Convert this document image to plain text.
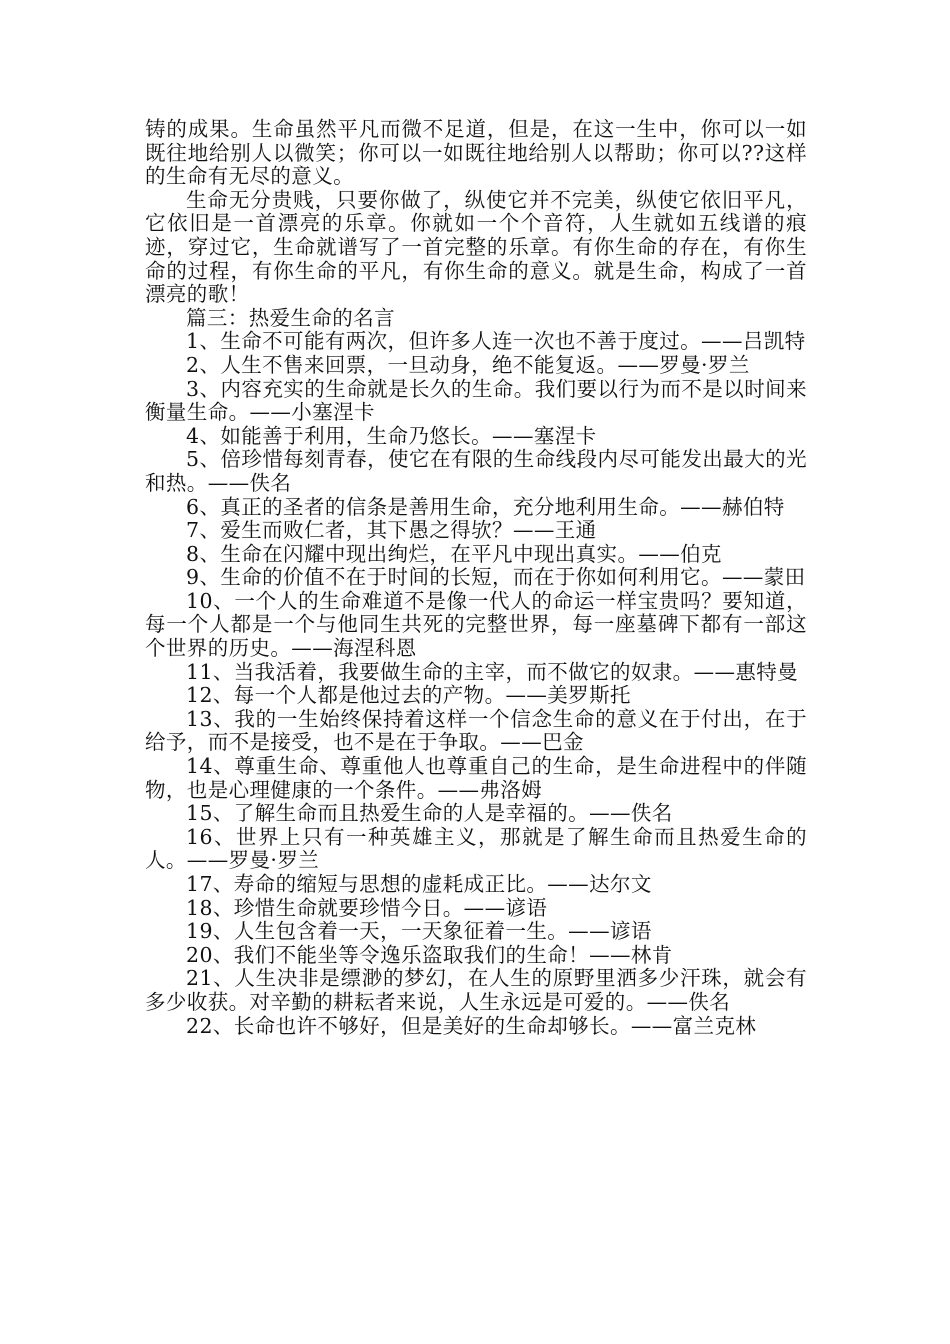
铸的成果。生命虽然平凡而微不足道，但是，在这一生中，你可以一如既往地给别人以微笑；你可以一如既往地给别人以帮助；你可以??这样的生命有无尽的意义。

生命无分贵贱，只要你做了，纵使它并不完美，纵使它依旧平凡，它依旧是一首漂亮的乐章。你就如一个个音符，人生就如五线谱的痕迹，穿过它，生命就谱写了一首完整的乐章。有你生命的存在，有你生命的过程，有你生命的平凡，有你生命的意义。就是生命，构成了一首漂亮的歌！

篇三：热爱生命的名言

1、生命不可能有两次，但许多人连一次也不善于度过。——吕凯特

2、人生不售来回票，一旦动身，绝不能复返。——罗曼·罗兰

3、内容充实的生命就是长久的生命。我们要以行为而不是以时间来衡量生命。——小塞涅卡

4、如能善于利用，生命乃悠长。——塞涅卡

5、倍珍惜每刻青春，使它在有限的生命线段内尽可能发出最大的光和热。——佚名

6、真正的圣者的信条是善用生命，充分地利用生命。——赫伯特

7、爱生而败仁者，其下愚之得欤？——王通

8、生命在闪耀中现出绚烂，在平凡中现出真实。——伯克

9、生命的价值不在于时间的长短，而在于你如何利用它。——蒙田

10、一个人的生命难道不是像一代人的命运一样宝贵吗？要知道，每一个人都是一个与他同生共死的完整世界，每一座墓碑下都有一部这个世界的历史。——海涅科恩

11、当我活着，我要做生命的主宰，而不做它的奴隶。——惠特曼

12、每一个人都是他过去的产物。——美罗斯托

13、我的一生始终保持着这样一个信念生命的意义在于付出，在于给予，而不是接受，也不是在于争取。——巴金

14、尊重生命、尊重他人也尊重自己的生命，是生命进程中的伴随物，也是心理健康的一个条件。——弗洛姆

15、了解生命而且热爱生命的人是幸福的。——佚名

16、世界上只有一种英雄主义，那就是了解生命而且热爱生命的人。——罗曼·罗兰

17、寿命的缩短与思想的虚耗成正比。——达尔文

18、珍惜生命就要珍惜今日。——谚语

19、人生包含着一天，一天象征着一生。——谚语

20、我们不能坐等令逸乐盗取我们的生命！——林肯

21、人生决非是缥渺的梦幻，在人生的原野里洒多少汗珠，就会有多少收获。对辛勤的耕耘者来说，人生永远是可爱的。——佚名

22、长命也许不够好，但是美好的生命却够长。——富兰克林
